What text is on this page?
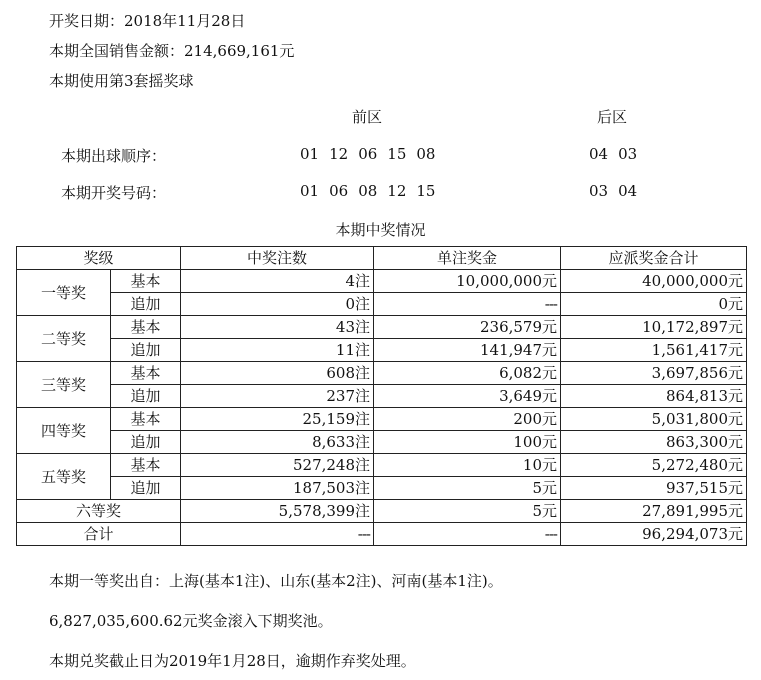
开奖日期：2018年11月28日
本期全国销售金额：214,669,161元
本期使用第3套摇奖球
前区	后区
本期出球顺序：	01 12 06 15 08	04 03
本期开奖号码：	01 06 08 12 15	03 04
本期中奖情况
奖级		中奖注数	单注奖金	应派奖金合计
一等奖	基本	4注	10,000,000元	40,000,000元
	追加	0注	---	0元
二等奖	基本	43注	236,579元	10,172,897元
	追加	11注	141,947元	1,561,417元
三等奖	基本	608注	6,082元	3,697,856元
	追加	237注	3,649元	864,813元
四等奖	基本	25,159注	200元	5,031,800元
	追加	8,633注	100元	863,300元
五等奖	基本	527,248注	10元	5,272,480元
	追加	187,503注	5元	937,515元
六等奖		5,578,399注	5元	27,891,995元
合计		---	---	96,294,073元
本期一等奖出自：上海(基本1注)、山东(基本2注)、河南(基本1注)。
6,827,035,600.62元奖金滚入下期奖池。
本期兑奖截止日为2019年1月28日，逾期作弃奖处理。
